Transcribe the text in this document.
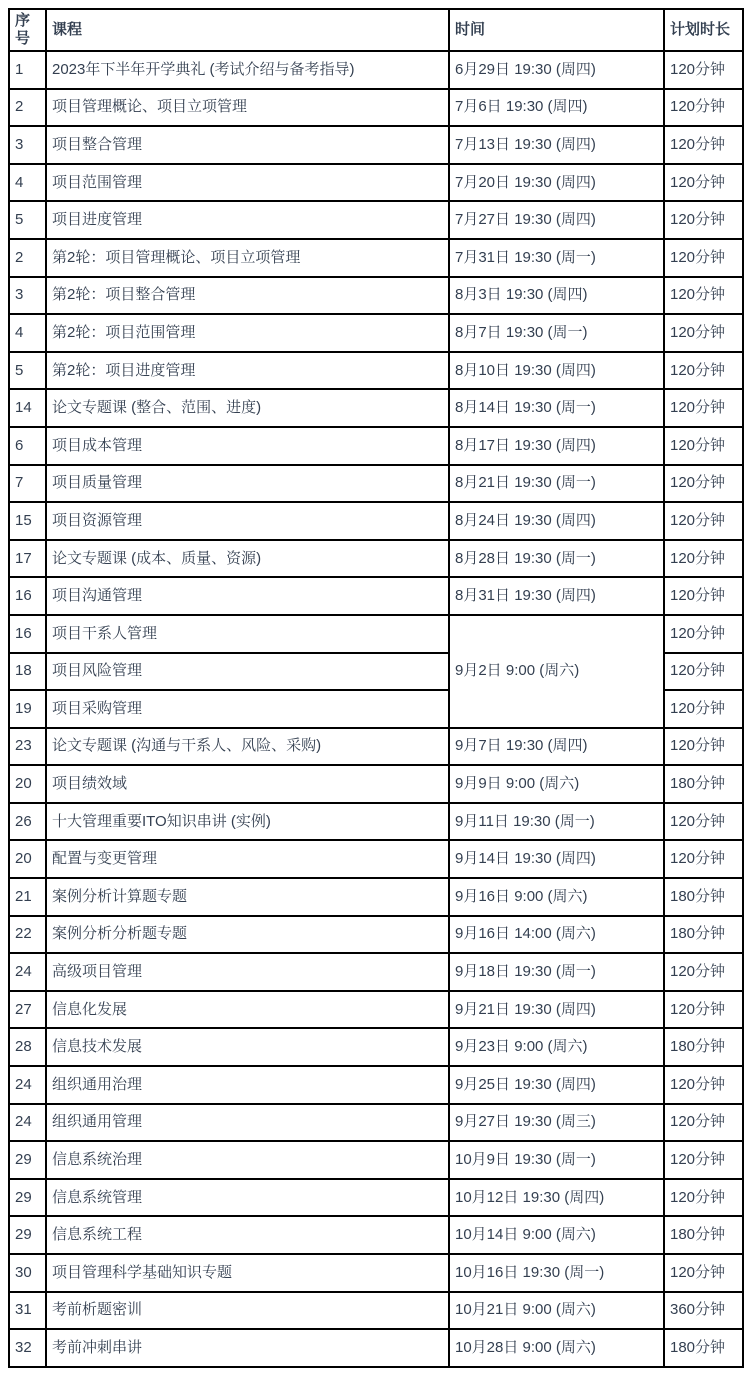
序号	课程	时间	计划时长
1	2023年下半年开学典礼 (考试介绍与备考指导)	6月29日 19:30 (周四)	120分钟
2	项目管理概论、项目立项管理	7月6日 19:30 (周四)	120分钟
3	项目整合管理	7月13日 19:30 (周四)	120分钟
4	项目范围管理	7月20日 19:30 (周四)	120分钟
5	项目进度管理	7月27日 19:30 (周四)	120分钟
2	第2轮：项目管理概论、项目立项管理	7月31日 19:30 (周一)	120分钟
3	第2轮：项目整合管理	8月3日 19:30 (周四)	120分钟
4	第2轮：项目范围管理	8月7日 19:30 (周一)	120分钟
5	第2轮：项目进度管理	8月10日 19:30 (周四)	120分钟
14	论文专题课 (整合、范围、进度)	8月14日 19:30 (周一)	120分钟
6	项目成本管理	8月17日 19:30 (周四)	120分钟
7	项目质量管理	8月21日 19:30 (周一)	120分钟
15	项目资源管理	8月24日 19:30 (周四)	120分钟
17	论文专题课 (成本、质量、资源)	8月28日 19:30 (周一)	120分钟
16	项目沟通管理	8月31日 19:30 (周四)	120分钟
16	项目干系人管理	9月2日 9:00 (周六)	120分钟
18	项目风险管理		120分钟
19	项目采购管理		120分钟
23	论文专题课 (沟通与干系人、风险、采购)	9月7日 19:30 (周四)	120分钟
20	项目绩效域	9月9日 9:00 (周六)	180分钟
26	十大管理重要ITO知识串讲 (实例)	9月11日 19:30 (周一)	120分钟
20	配置与变更管理	9月14日 19:30 (周四)	120分钟
21	案例分析计算题专题	9月16日 9:00 (周六)	180分钟
22	案例分析分析题专题	9月16日 14:00 (周六)	180分钟
24	高级项目管理	9月18日 19:30 (周一)	120分钟
27	信息化发展	9月21日 19:30 (周四)	120分钟
28	信息技术发展	9月23日 9:00 (周六)	180分钟
24	组织通用治理	9月25日 19:30 (周四)	120分钟
24	组织通用管理	9月27日 19:30 (周三)	120分钟
29	信息系统治理	10月9日 19:30 (周一)	120分钟
29	信息系统管理	10月12日 19:30 (周四)	120分钟
29	信息系统工程	10月14日 9:00 (周六)	180分钟
30	项目管理科学基础知识专题	10月16日 19:30 (周一)	120分钟
31	考前析题密训	10月21日 9:00 (周六)	360分钟
32	考前冲刺串讲	10月28日 9:00 (周六)	180分钟
